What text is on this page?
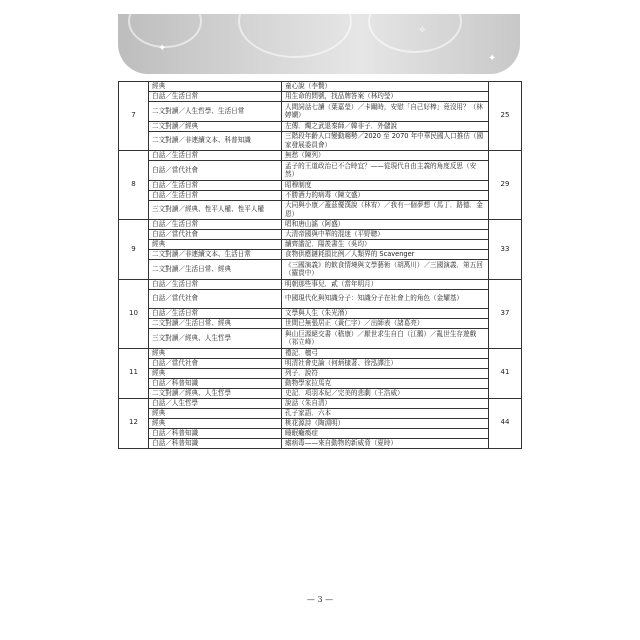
✦
✦
✧
7	經典	童心說（李贄）	25
	白話／生活日常	用生命的問號，找品牌答案（林玓瑩）	
	二文對讀／人生哲學、生活日常	人間詞話七讀（葉嘉瑩）／卡關時，安慰「自己好棒」竟沒用？（林婷嫻）	
	二文對讀／經典	左傳．燭之武退秦師／韓非子．外儲說	
	二文對讀／非連續文本、科普知識	三階段年齡人口變動趨勢／2020 至 2070 年中華民國人口推估（國家發展委員會）	
8	白話／生活日常	無愁（陳列）	29
	白話／當代社會	孟子的王道政治已不合時宜？——從現代自由主義的角度反思（安然）	
	白話／生活日常	昭穆制度	
	白話／生活日常	不勝酒力的病毒（陳文盛）	
	三文對讀／經典、性平人權、性平人權	大同與小康／蓋茲優漢說（林宥）／我有一個夢想（馬丁．路德．金恩）	
9	白話／生活日常	唱和唐山謠（阿盛）	33
	白話／當代社會	大清帝國與中華的混迷（平野聰）	
	經典	續齊諧記．陽羨書生（吳均）	
	二文對讀／非連續文本、生活日常	食物供應鏈耗損比例／人類界的 Scavenger	
	二文對讀／生活日常、經典	《三國演義》的飲食情境與文學藝術（胡萬川）／三國演義．第五回（羅貫中）	
10	白話／生活日常	明朝那些事兒．貳（當年明月）	37
	白話／當代社會	中國現代化與知識分子：知識分子在社會上的角色（金耀基）	
	白話／生活日常	文學與人生（朱光潛）	
	二文對讀／生活日常、經典	世間已無張居正（黃仁宇）／出師表（諸葛亮）	
	三文對讀／經典、人生哲學	與山巨源絕交書（嵇康）／厭世求生自白（江鵝）／亂世生存遊戲（祁立峰）	
11	經典	禮記．檀弓	41
	白話／當代社會	明清社會史論（何炳棣著、徐泓譯注）	
	經典	列子．說符	
	白話／科普知識	動物學家拉馬克	
	二文對讀／經典、人生哲學	史記．項羽本紀／完美的悲劇（王浩威）	
12	白話／人生哲學	說話（朱自清）	44
	經典	孔子家語．六本	
	經典	桃花源詩（陶淵明）	
	白話／科普知識	睡眠癱瘓症	
	白話／科普知識	瘧病毒——來自動物的新威脅（夏時）	
— 3 —
